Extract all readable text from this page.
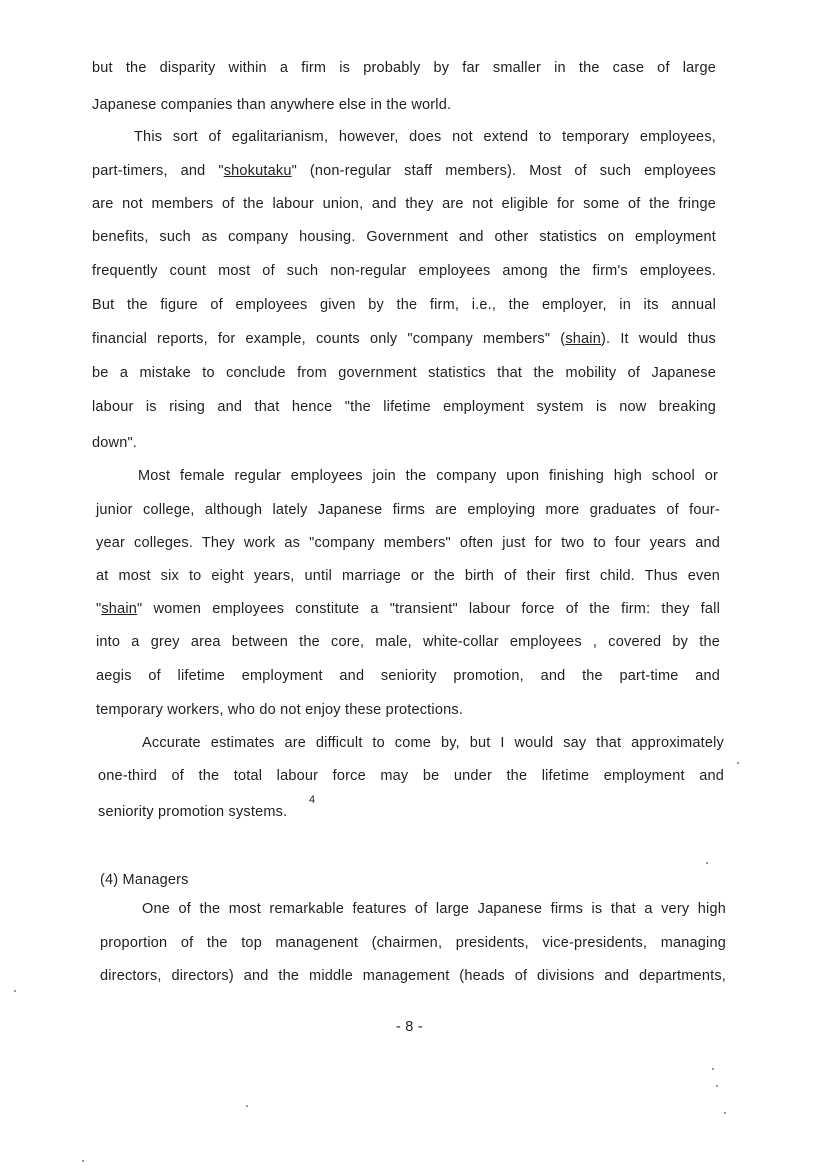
but the disparity within a firm is probably by far smaller in the case of large
Japanese companies than anywhere else in the world.
This sort of egalitarianism, however, does not extend to temporary employees,
part-timers, and "shokutaku" (non-regular staff members). Most of such employees
are not members of the labour union, and they are not eligible for some of the fringe
benefits, such as company housing. Government and other statistics on employment
frequently count most of such non-regular employees among the firm's employees.
But the figure of employees given by the firm, i.e., the employer, in its annual
financial reports, for example, counts only "company members" (shain). It would thus
be a mistake to conclude from government statistics that the mobility of Japanese
labour is rising and that hence "the lifetime employment system is now breaking
down".
Most female regular employees join the company upon finishing high school or
junior college, although lately Japanese firms are employing more graduates of four-
year colleges. They work as "company members" often just for two to four years and
at most six to eight years, until marriage or the birth of their first child. Thus even
"shain" women employees constitute a "transient" labour force of the firm: they fall
into a grey area between the core, male, white-collar employees , covered by the
aegis of lifetime employment and seniority promotion, and the part-time and
temporary workers, who do not enjoy these protections.
Accurate estimates are difficult to come by, but I would say that approximately
one-third of the total labour force may be under the lifetime employment and
seniority promotion systems.
4
(4) Managers
One of the most remarkable features of large Japanese firms is that a very high
proportion of the top managenent (chairmen, presidents, vice-presidents, managing
directors, directors) and the middle management (heads of divisions and departments,
- 8 -
